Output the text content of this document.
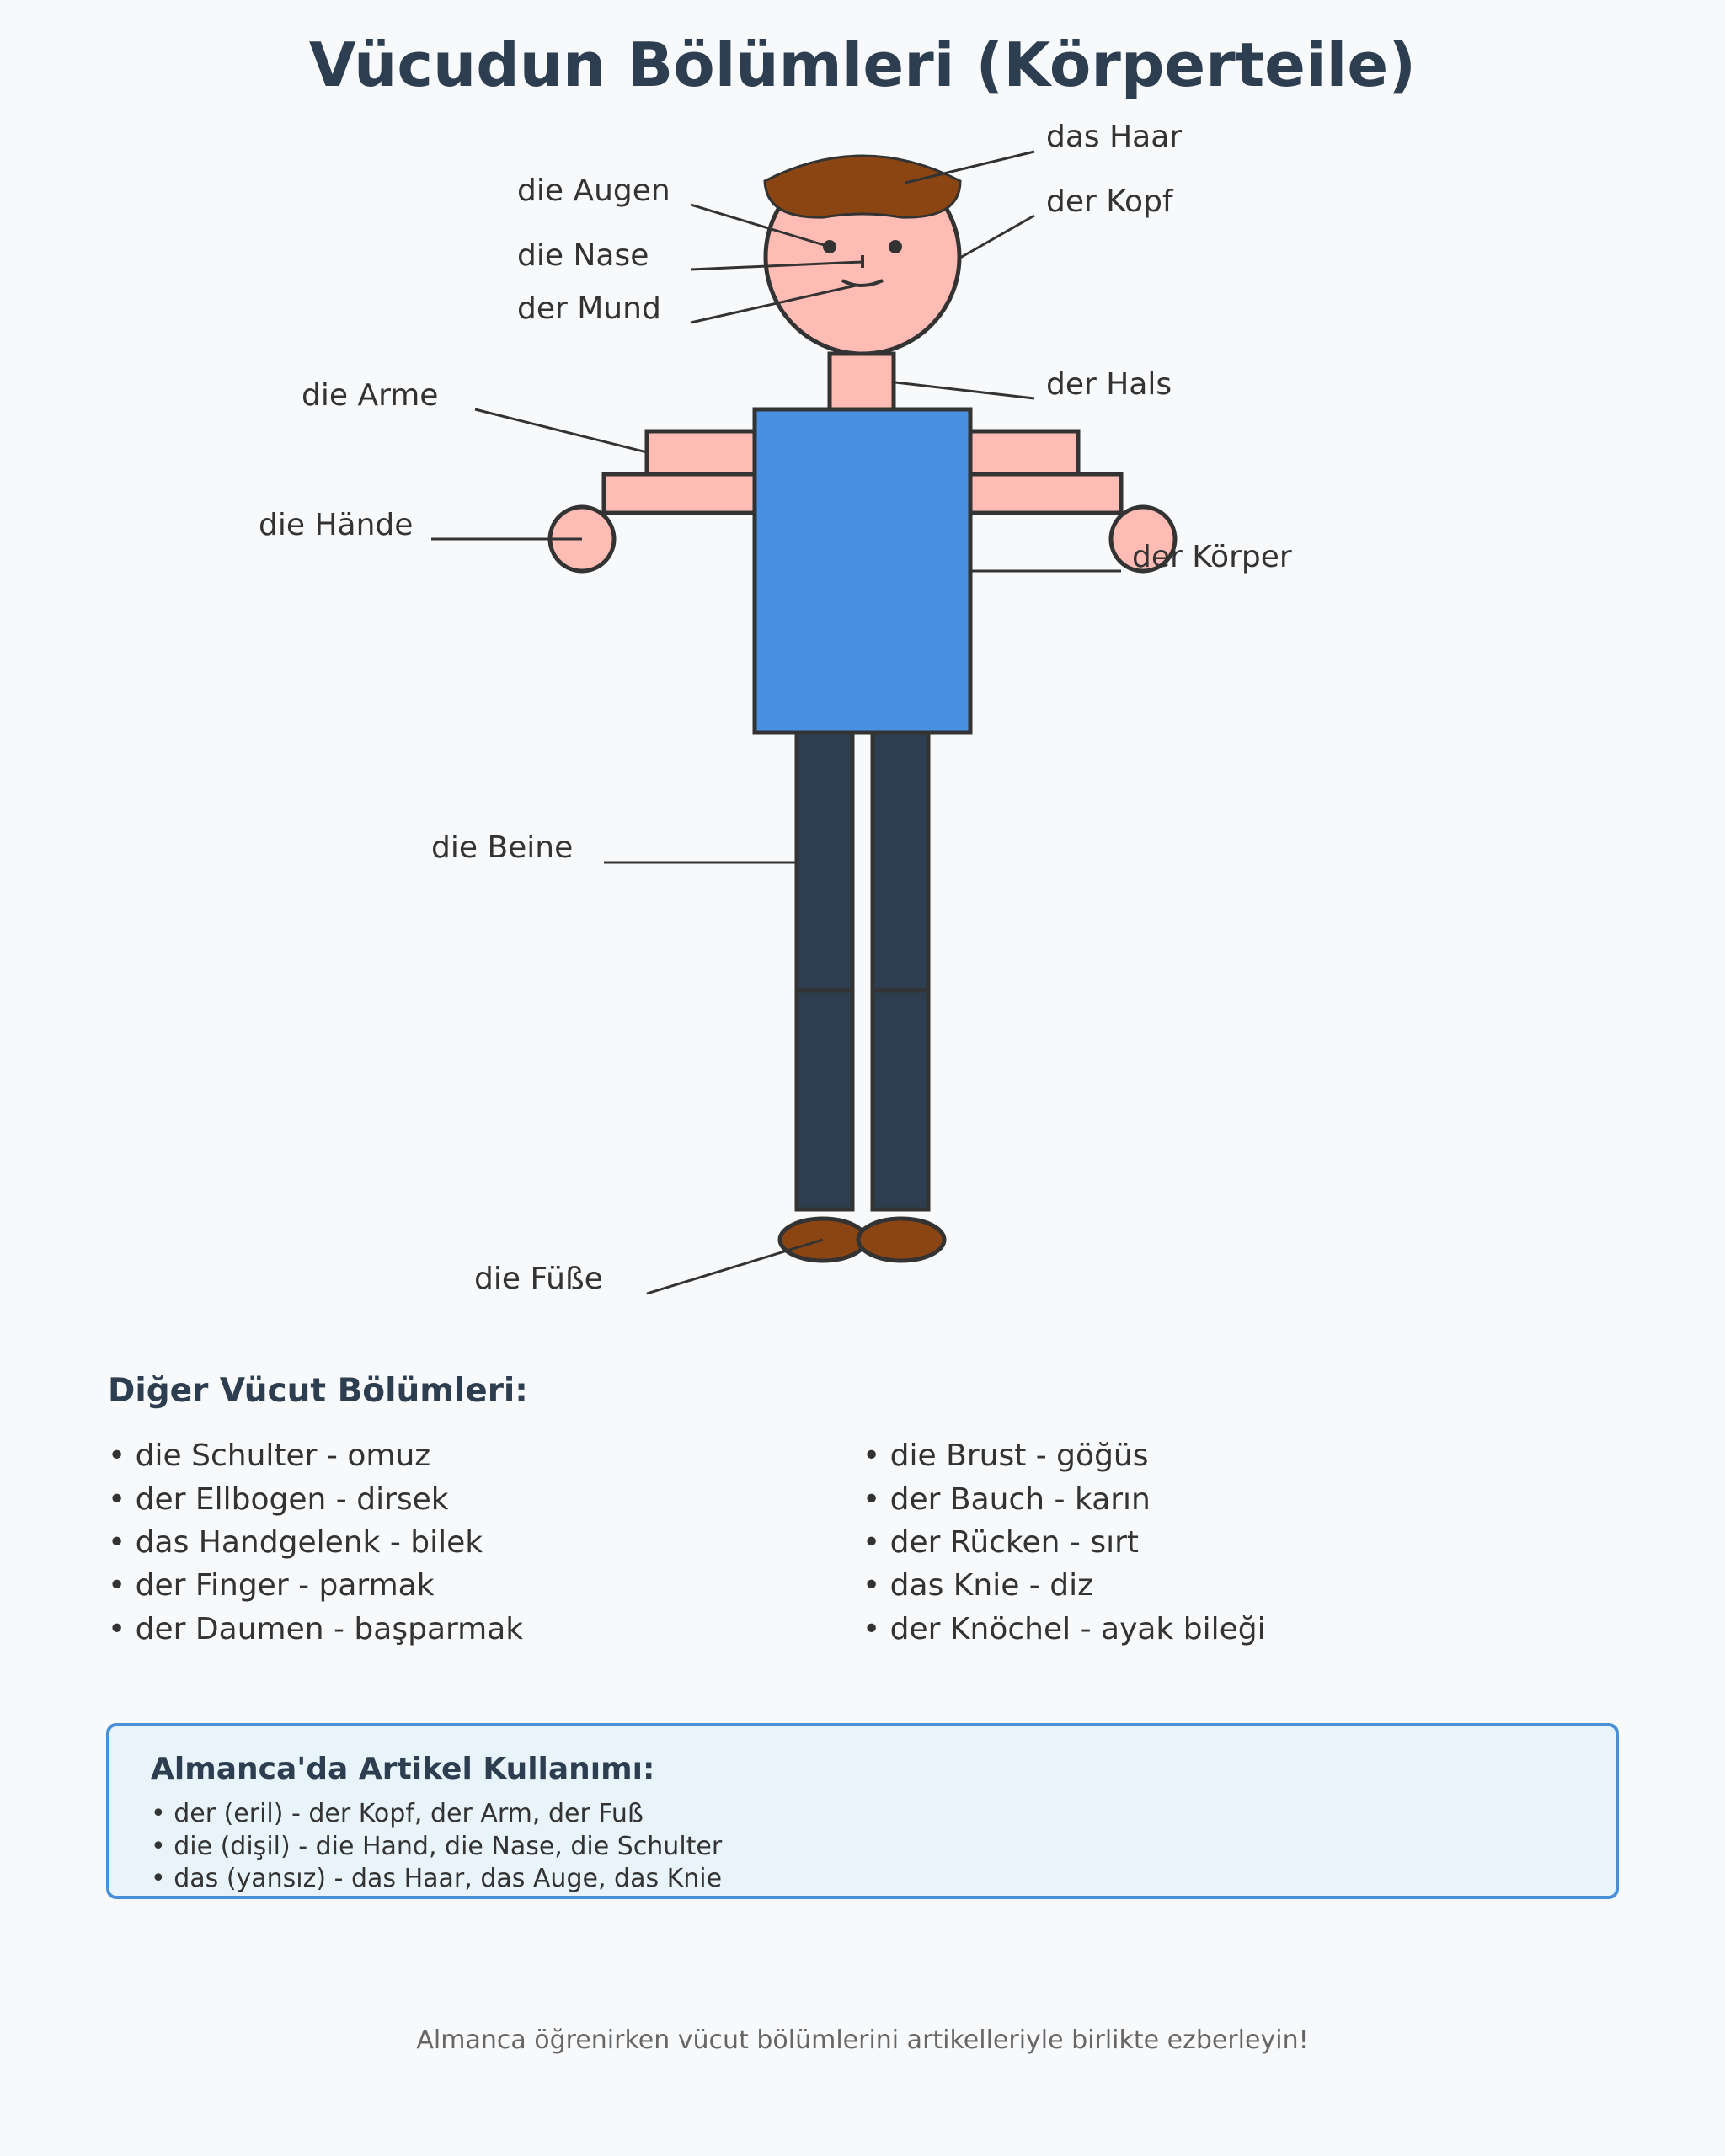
Vücudun Bölümleri (Körperteile)
das Haar
der Kopf
die Augen
die Nase
der Mund
der Hals
die Arme
die Hände
der Körper
die Beine
die Füße
Diğer Vücut Bölümleri:
• die Schulter - omuz
• der Ellbogen - dirsek
• das Handgelenk - bilek
• der Finger - parmak
• der Daumen - başparmak
• die Brust - göğüs
• der Bauch - karın
• der Rücken - sırt
• das Knie - diz
• der Knöchel - ayak bileği
Almanca'da Artikel Kullanımı:
• der (eril) - der Kopf, der Arm, der Fuß
• die (dişil) - die Hand, die Nase, die Schulter
• das (yansız) - das Haar, das Auge, das Knie
Almanca öğrenirken vücut bölümlerini artikelleriyle birlikte ezberleyin!
